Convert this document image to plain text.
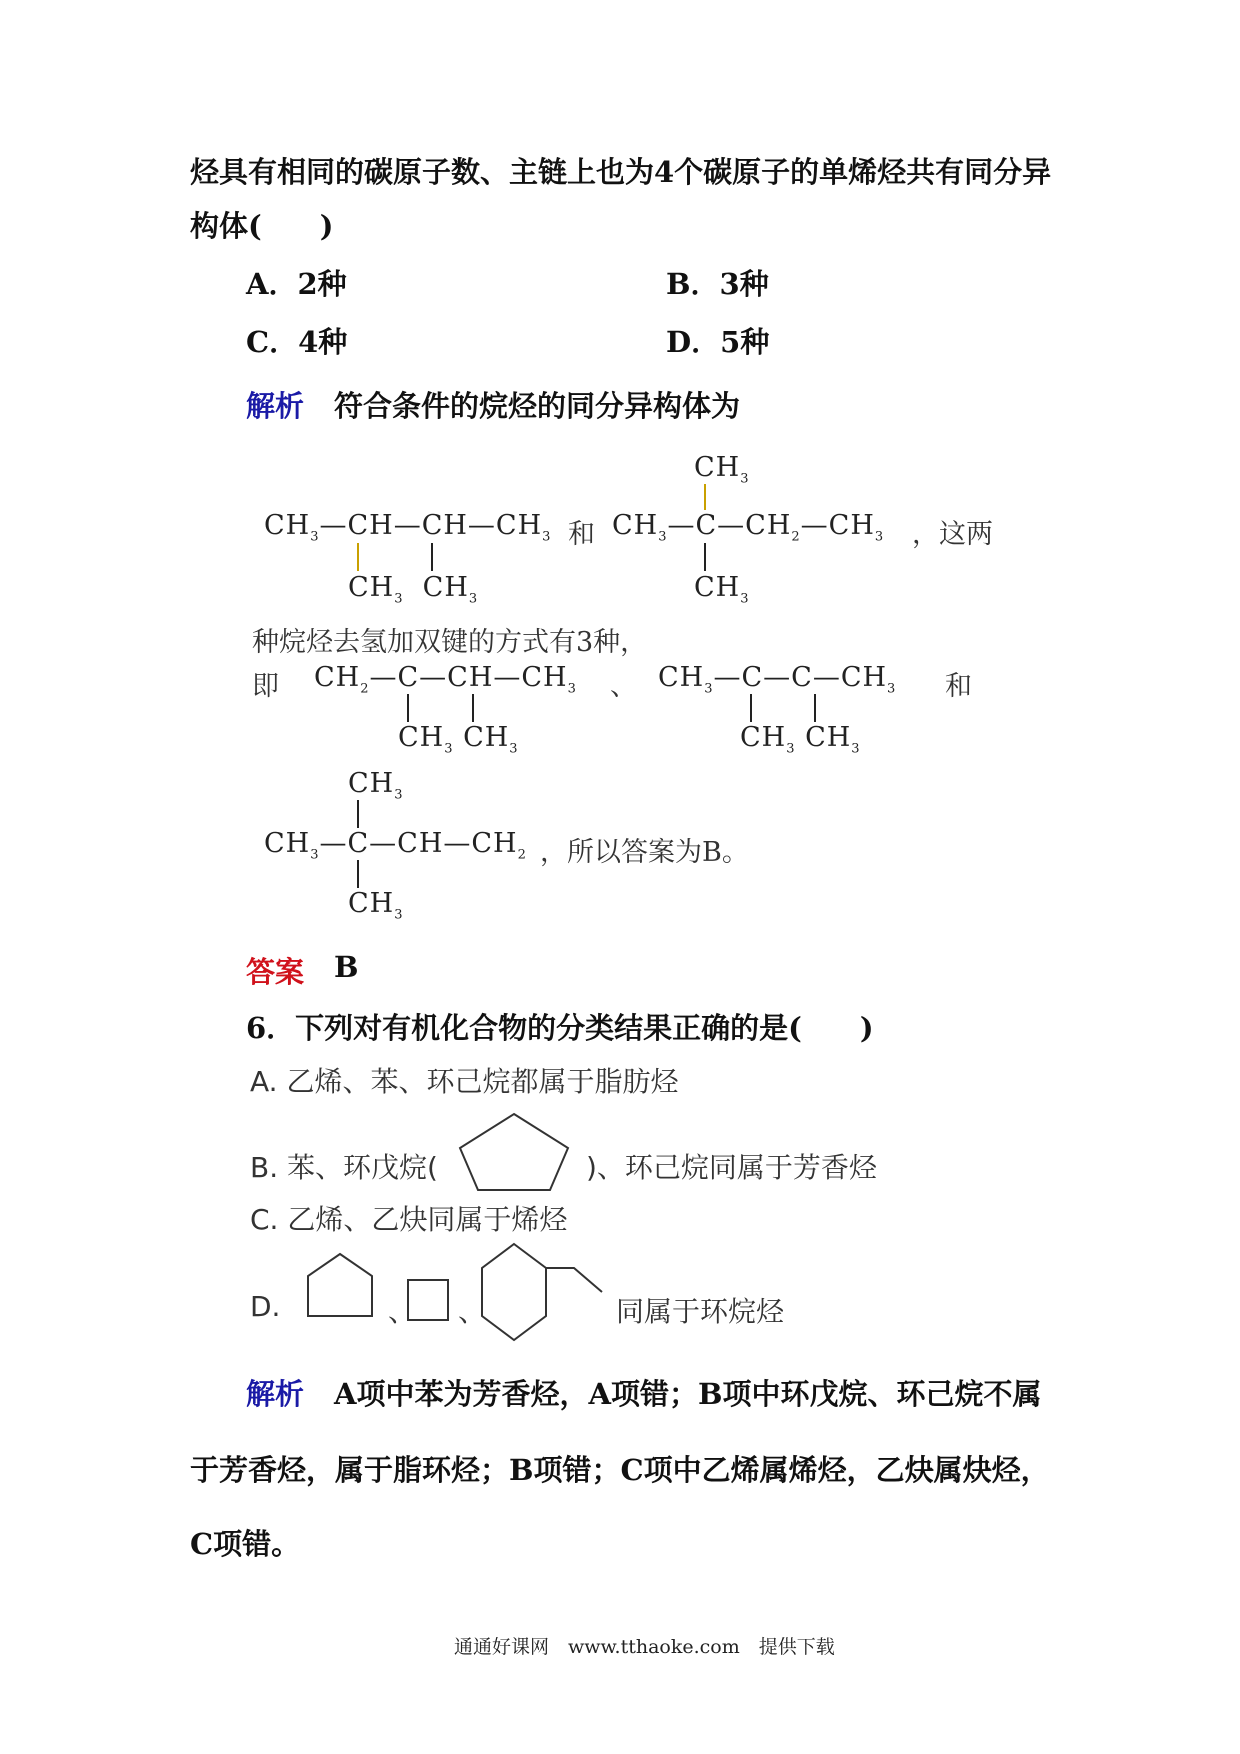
烃具有相同的碳原子数、主链上也为4个碳原子的单烯烃共有同分异
构体(　　)
A．2种	B．3种
C．4种	D．5种
解析 符合条件的烷烃的同分异构体为
$CH_3—CH—CH—CH_3$
$CH_3$  $CH_3$
和
$CH_3$
$CH_3—C—CH_2—CH_3$
$CH_3$
，这两
种烷烃去氢加双键的方式有3种，
即 $CH_2—C—CH—CH_3$
$CH_3$ $CH_3$
、 $CH_3—C—C—CH_3$
$CH_3$ $CH_3$
和
$CH_3$
$CH_3—C—CH—CH_2$
$CH_3$
，所以答案为B。
答案 B
6．下列对有机化合物的分类结果正确的是(　　)
A. 乙烯、苯、环己烷都属于脂肪烃
B. 苯、环戊烷(	)、环己烷同属于芳香烃
C. 乙烯、乙炔同属于烯烃
D.	、 、	同属于环烷烃
解析 A项中苯为芳香烃，A项错；B项中环戊烷、环己烷不属
于芳香烃，属于脂环烃；B项错；C项中乙烯属烯烃，乙炔属炔烃，
C项错。
通通好课网　www.tthaoke.com　提供下载
